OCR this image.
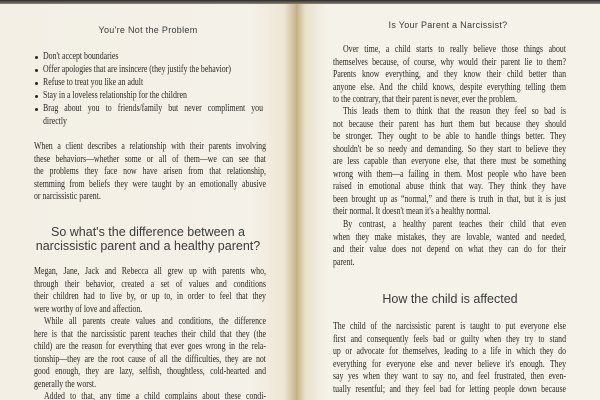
You're Not the Problem
Don't accept boundaries
Offer apologies that are insincere (they justify the behavior)
Refuse to treat you like an adult
Stay in a loveless relationship for the children
Brag about you to friends/family but never compliment you
directly
When a client describes a relationship with their parents involving
these behaviors—whether some or all of them—we can see that
the problems they face now have arisen from that relationship,
stemming from beliefs they were taught by an emotionally abusive
or narcissistic parent.
So what's the difference between a
narcissistic parent and a healthy parent?
Megan, Jane, Jack and Rebecca all grew up with parents who,
through their behavior, created a set of values and conditions
their children had to live by, or up to, in order to feel that they
were worthy of love and affection.
While all parents create values and conditions, the difference
here is that the narcissistic parent teaches their child that they (the
child) are the reason for everything that ever goes wrong in the rela-
tionship—they are the root cause of all the difficulties, they are not
good enough, they are lazy, selfish, thoughtless, cold-hearted and
generally the worst.
Added to that, any time a child complains about these condi-
Is Your Parent a Narcissist?
Over time, a child starts to really believe those things about
themselves because, of course, why would their parent lie to them?
Parents know everything, and they know their child better than
anyone else. And the child knows, despite everything telling them
to the contrary, that their parent is never, ever the problem.
This leads them to think that the reason they feel so bad is
not because their parent has hurt them but because they should
be stronger. They ought to be able to handle things better. They
shouldn't be so needy and demanding. So they start to believe they
are less capable than everyone else, that there must be something
wrong with them—a failing in them. Most people who have been
raised in emotional abuse think that way. They think they have
been brought up as “normal,” and there is truth in that, but it is just
their normal. It doesn't mean it's a healthy normal.
By contrast, a healthy parent teaches their child that even
when they make mistakes, they are lovable, wanted and needed,
and their value does not depend on what they can do for their
parent.
How the child is affected
The child of the narcissistic parent is taught to put everyone else
first and consequently feels bad or guilty when they try to stand
up or advocate for themselves, leading to a life in which they do
everything for everyone else and never believe it's enough. They
say yes when they want to say no, and feel frustrated, then even-
tually resentful; and they feel bad for letting people down because
